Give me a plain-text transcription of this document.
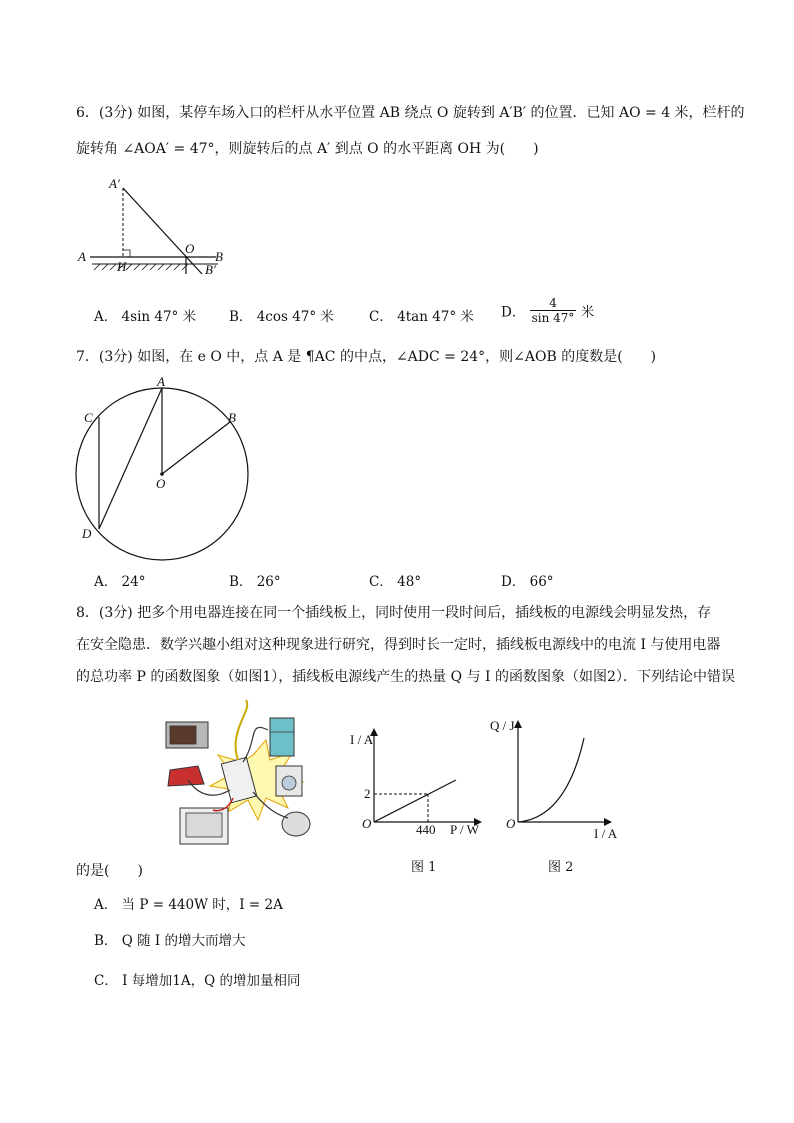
6．(3分) 如图，某停车场入口的栏杆从水平位置 AB 绕点 O 旋转到 A′B′ 的位置．已知 AO = 4 米，栏杆的
旋转角 ∠AOA′ = 47°，则旋转后的点 A′ 到点 O 的水平距离 OH 为(　　)
A′
A
H
O
B
B′
A． 4sin 47° 米 B． 4cos 47° 米	C． 4tan 47° 米 D． $\frac{4}{\sin 47^\circ}$ 米
7．(3分) 如图，在 e O 中，点 A 是 ¶AC 的中点，∠ADC = 24°，则∠AOB 的度数是(　　)
A
B
C
D
O
A． 24°	B． 26°	C． 48°	D． 66°
8．(3分) 把多个用电器连接在同一个插线板上，同时使用一段时间后，插线板的电源线会明显发热，存
在安全隐患．数学兴趣小组对这种现象进行研究，得到时长一定时，插线板电源线中的电流 I 与使用电器
的总功率 P 的函数图象（如图1），插线板电源线产生的热量 Q 与 I 的函数图象（如图2）．下列结论中错误
I / A
P / W
O
2
440
图 1
Q / J
I / A
O
图 2
的是(　　)
A． 当 P = 440W 时，I = 2A
B． Q 随 I 的增大而增大
C． I 每增加1A，Q 的增加量相同
